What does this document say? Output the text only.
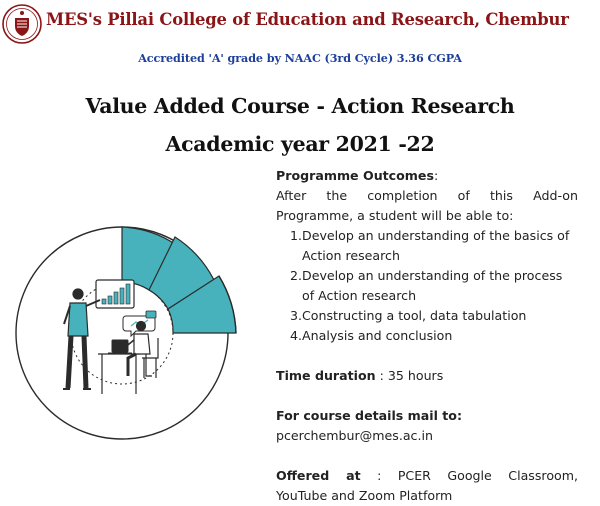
MES's Pillai College of Education and Research, Chembur
Accredited 'A' grade by NAAC (3rd Cycle) 3.36 CGPA
Value Added Course - Action Research
Academic year 2021 -22

Programme Outcomes:

After the completion of this Add-on

Programme, a student will be able to:

1. Develop an understanding of the basics of
Action research
2. Develop an understanding of the process
of Action research
3. Constructing a tool, data tabulation
4. Analysis and conclusion

Time duration : 35 hours

For course details mail to:

pcerchembur@mes.ac.in

Offered at : PCER Google Classroom,

YouTube and Zoom Platform
